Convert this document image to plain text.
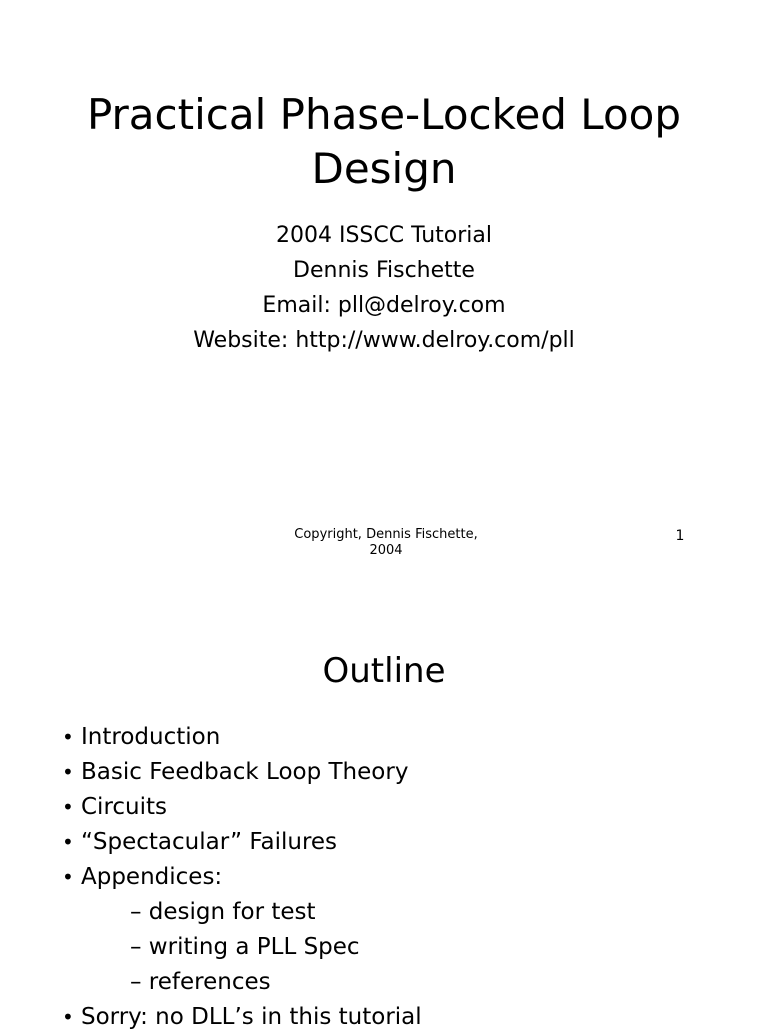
Practical Phase-Locked Loop
Design
2004 ISSCC Tutorial
Dennis Fischette
Email: pll@delroy.com
Website: http://www.delroy.com/pll
Copyright, Dennis Fischette,
2004
1
Outline
• Introduction
• Basic Feedback Loop Theory
• Circuits
• “Spectacular” Failures
• Appendices:
– design for test
– writing a PLL Spec
– references
• Sorry: no DLL’s in this tutorial
